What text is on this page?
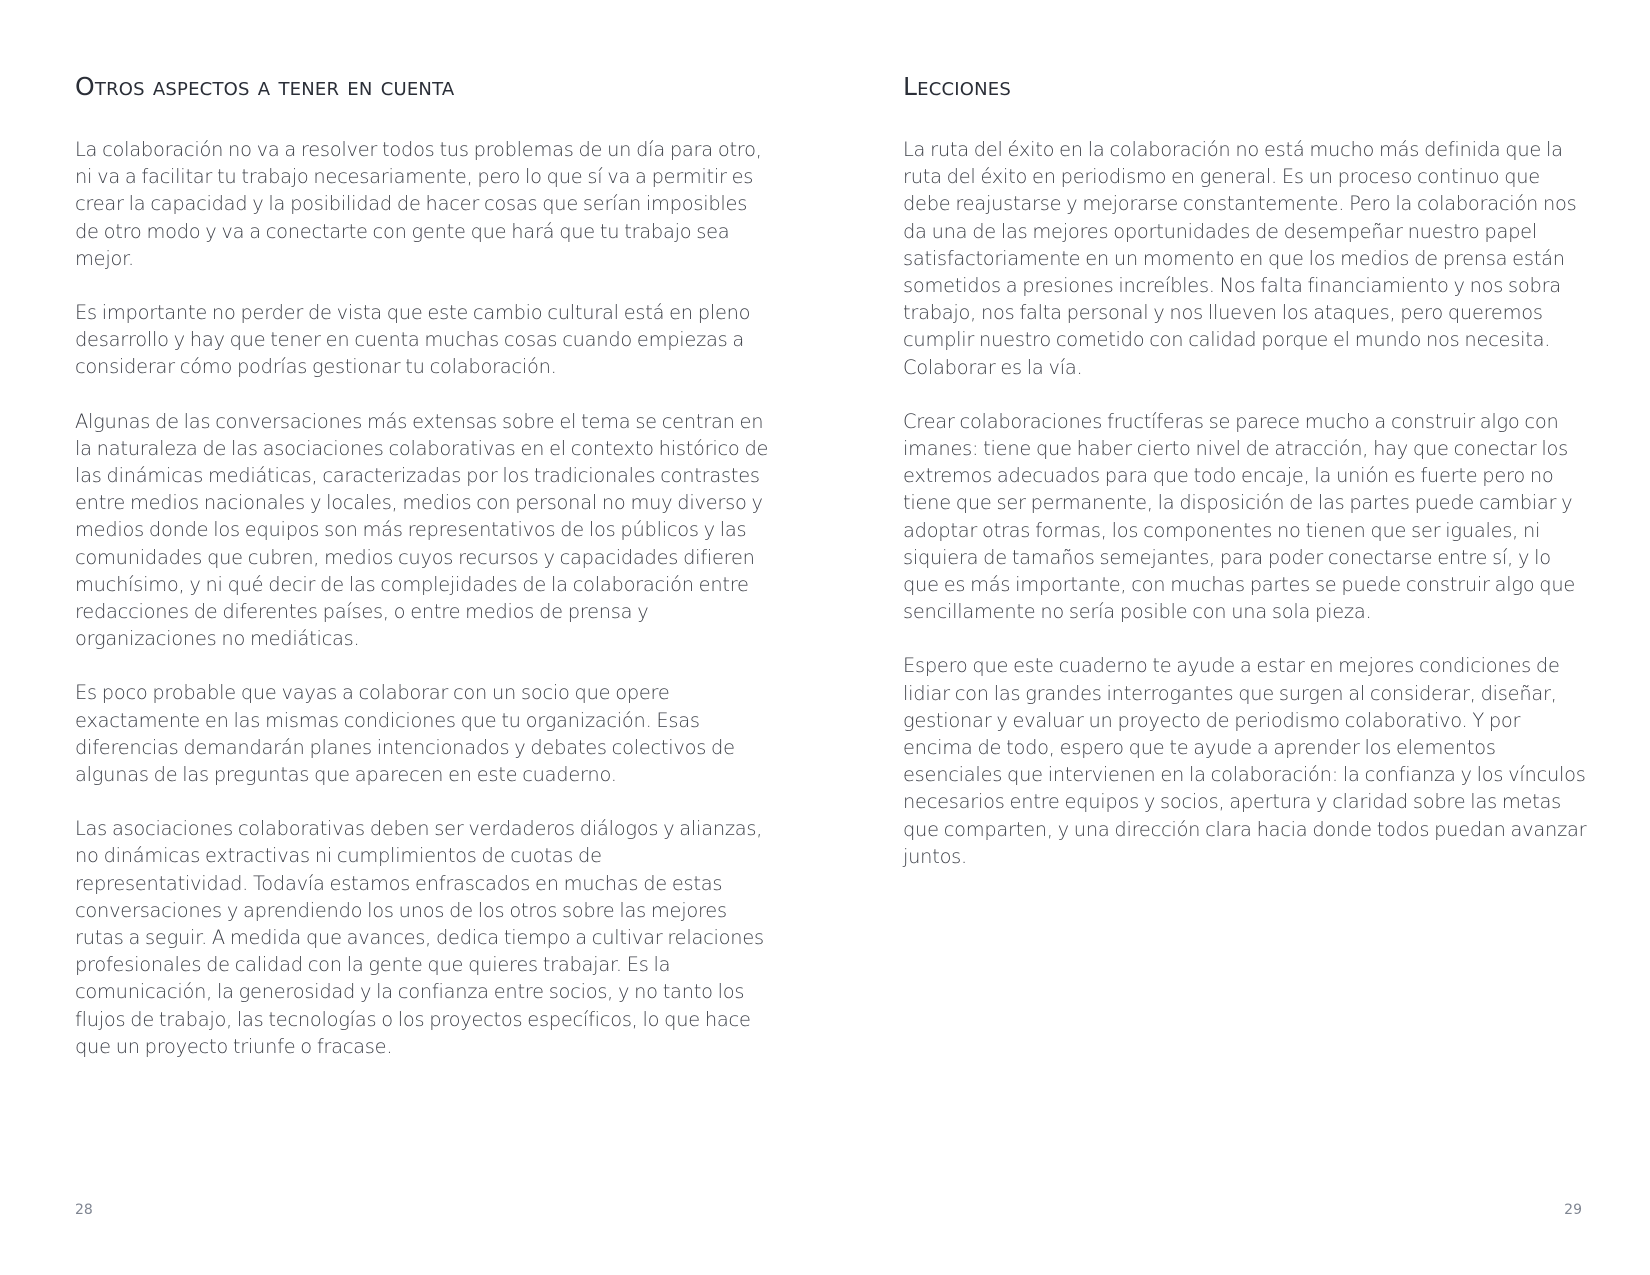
Otros aspectos a tener en cuenta

La colaboración no va a resolver todos tus problemas de un día para otro, ni va a facilitar tu trabajo necesariamente, pero lo que sí va a permitir es crear la capacidad y la posibilidad de hacer cosas que serían imposibles de otro modo y va a conectarte con gente que hará que tu trabajo sea mejor.

Es importante no perder de vista que este cambio cultural está en pleno desarrollo y hay que tener en cuenta muchas cosas cuando empiezas a considerar cómo podrías gestionar tu colaboración.

Algunas de las conversaciones más extensas sobre el tema se centran en la naturaleza de las asociaciones colaborativas en el contexto histórico de las dinámicas mediáticas, caracterizadas por los tradicionales contrastes entre medios nacionales y locales, medios con personal no muy diverso y medios donde los equipos son más representativos de los públicos y las comunidades que cubren, medios cuyos recursos y capacidades difieren muchísimo, y ni qué decir de las complejidades de la colaboración entre redacciones de diferentes países, o entre medios de prensa y organizaciones no mediáticas.

Es poco probable que vayas a colaborar con un socio que opere exactamente en las mismas condiciones que tu organización. Esas diferencias demandarán planes intencionados y debates colectivos de algunas de las preguntas que aparecen en este cuaderno.

Las asociaciones colaborativas deben ser verdaderos diálogos y alianzas, no dinámicas extractivas ni cumplimientos de cuotas de representatividad. Todavía estamos enfrascados en muchas de estas conversaciones y aprendiendo los unos de los otros sobre las mejores rutas a seguir. A medida que avances, dedica tiempo a cultivar relaciones profesionales de calidad con la gente que quieres trabajar. Es la comunicación, la generosidad y la confianza entre socios, y no tanto los flujos de trabajo, las tecnologías o los proyectos específicos, lo que hace que un proyecto triunfe o fracase.

28
Lecciones

La ruta del éxito en la colaboración no está mucho más definida que la ruta del éxito en periodismo en general. Es un proceso continuo que debe reajustarse y mejorarse constantemente. Pero la colaboración nos da una de las mejores oportunidades de desempeñar nuestro papel satisfactoriamente en un momento en que los medios de prensa están sometidos a presiones increíbles. Nos falta financiamiento y nos sobra trabajo, nos falta personal y nos llueven los ataques, pero queremos cumplir nuestro cometido con calidad porque el mundo nos necesita. Colaborar es la vía.

Crear colaboraciones fructíferas se parece mucho a construir algo con imanes: tiene que haber cierto nivel de atracción, hay que conectar los extremos adecuados para que todo encaje, la unión es fuerte pero no tiene que ser permanente, la disposición de las partes puede cambiar y adoptar otras formas, los componentes no tienen que ser iguales, ni siquiera de tamaños semejantes, para poder conectarse entre sí, y lo que es más importante, con muchas partes se puede construir algo que sencillamente no sería posible con una sola pieza.

Espero que este cuaderno te ayude a estar en mejores condiciones de lidiar con las grandes interrogantes que surgen al considerar, diseñar, gestionar y evaluar un proyecto de periodismo colaborativo. Y por encima de todo, espero que te ayude a aprender los elementos esenciales que intervienen en la colaboración: la confianza y los vínculos necesarios entre equipos y socios, apertura y claridad sobre las metas que comparten, y una dirección clara hacia donde todos puedan avanzar juntos.

29
